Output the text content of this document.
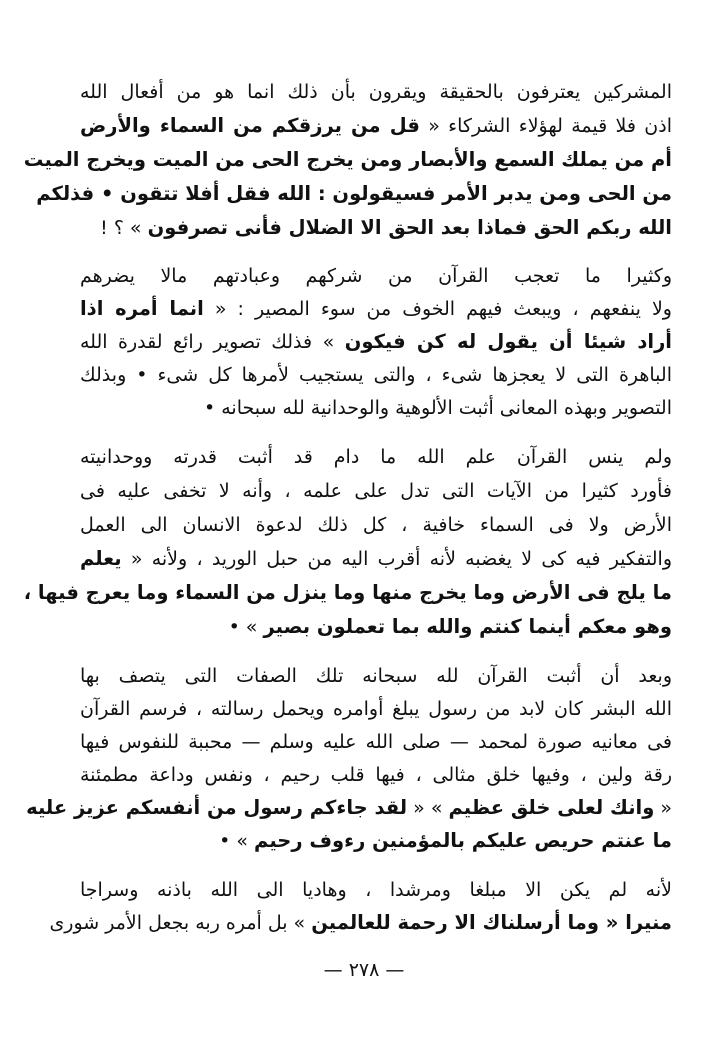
المشركين يعترفون بالحقيقة ويقرون بأن ذلك انما هو من أفعال الله
اذن فلا قيمة لهؤلاء الشركاء « قل من يرزقكم من السماء والأرض
أم من يملك السمع والأبصار ومن يخرج الحى من الميت ويخرج الميت
من الحى ومن يدبر الأمر فسيقولون : الله فقل أفلا تتقون • فذلكم
الله ربكم الحق فماذا بعد الحق الا الضلال فأنى تصرفون » ؟ !
وكثيرا ما تعجب القرآن من شركهم وعبادتهم مالا يضرهم
ولا ينفعهم ، ويبعث فيهم الخوف من سوء المصير : « انما أمره اذا
أراد شيئا أن يقول له كن فيكون » فذلك تصوير رائع لقدرة الله
الباهرة التى لا يعجزها شىء ، والتى يستجيب لأمرها كل شىء • وبذلك
التصوير وبهذه المعانى أثبت الألوهية والوحدانية لله سبحانه •
ولم ينس القرآن علم الله ما دام قد أثبت قدرته ووحدانيته
فأورد كثيرا من الآيات التى تدل على علمه ، وأنه لا تخفى عليه فى
الأرض ولا فى السماء خافية ، كل ذلك لدعوة الانسان الى العمل
والتفكير فيه كى لا يغضبه لأنه أقرب اليه من حبل الوريد ، ولأنه « يعلم
ما يلج فى الأرض وما يخرج منها وما ينزل من السماء وما يعرج فيها ،
وهو معكم أينما كنتم والله بما تعملون بصير » •
وبعد أن أثبت القرآن لله سبحانه تلك الصفات التى يتصف بها
الله البشر كان لابد من رسول يبلغ أوامره ويحمل رسالته ، فرسم القرآن
فى معانيه صورة لمحمد — صلى الله عليه وسلم — محببة للنفوس فيها
رقة ولين ، وفيها خلق مثالى ، فيها قلب رحيم ، ونفس وداعة مطمئنة
« وانك لعلى خلق عظيم » « لقد جاءكم رسول من أنفسكم عزيز عليه
ما عنتم حريص عليكم بالمؤمنين رءوف رحيم » •
لأنه لم يكن الا مبلغا ومرشدا ، وهاديا الى الله باذنه وسراجا
منيرا « وما أرسلناك الا رحمة للعالمين » بل أمره ربه بجعل الأمر شورى
— ٢٧٨ —
